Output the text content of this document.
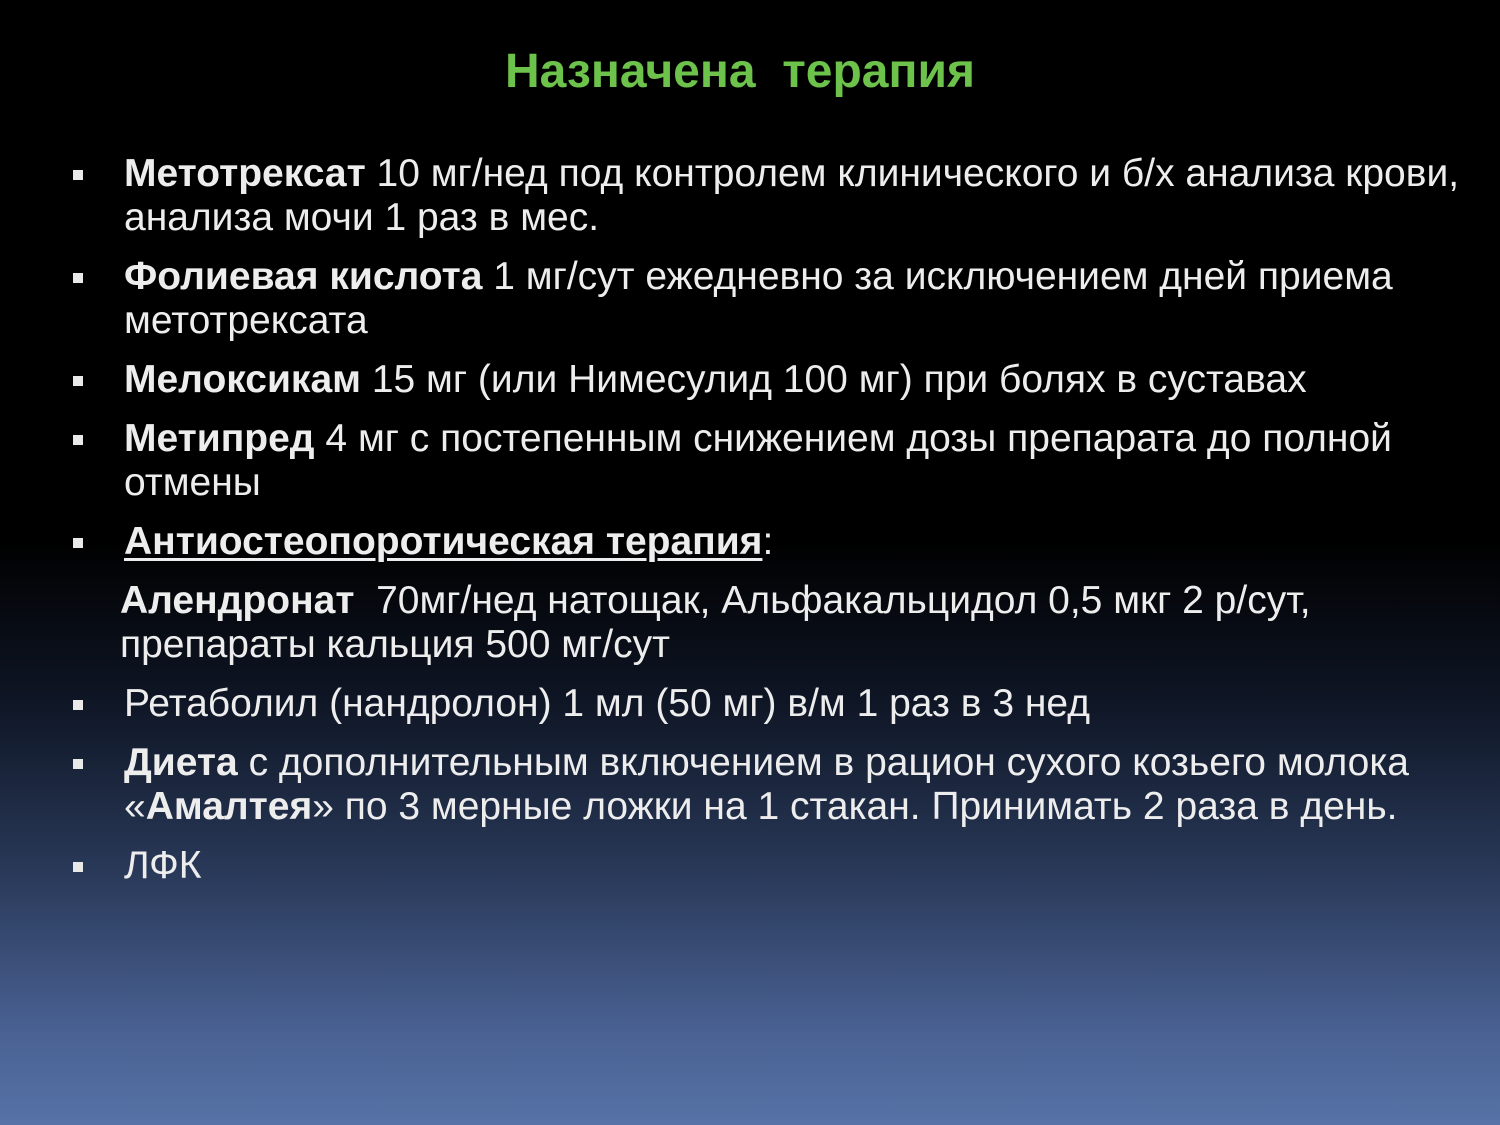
Назначена  терапия
Метотрексат 10 мг/нед под контролем клинического и б/х анализа крови, анализа мочи 1 раз в мес.
Фолиевая кислота 1 мг/сут ежедневно за исключением дней приема метотрексата
Мелоксикам 15 мг (или Нимесулид 100 мг) при болях в суставах
Метипред 4 мг с постепенным снижением дозы препарата до полной отмены
Антиостеопоротическая терапия:
Алендронат  70мг/нед натощак, Альфакальцидол 0,5 мкг 2 р/сут, препараты кальция 500 мг/сут
Ретаболил (нандролон) 1 мл (50 мг) в/м 1 раз в 3 нед
Диета с дополнительным включением в рацион сухого козьего молока «Амалтея» по 3 мерные ложки на 1 стакан. Принимать 2 раза в день.
ЛФК
